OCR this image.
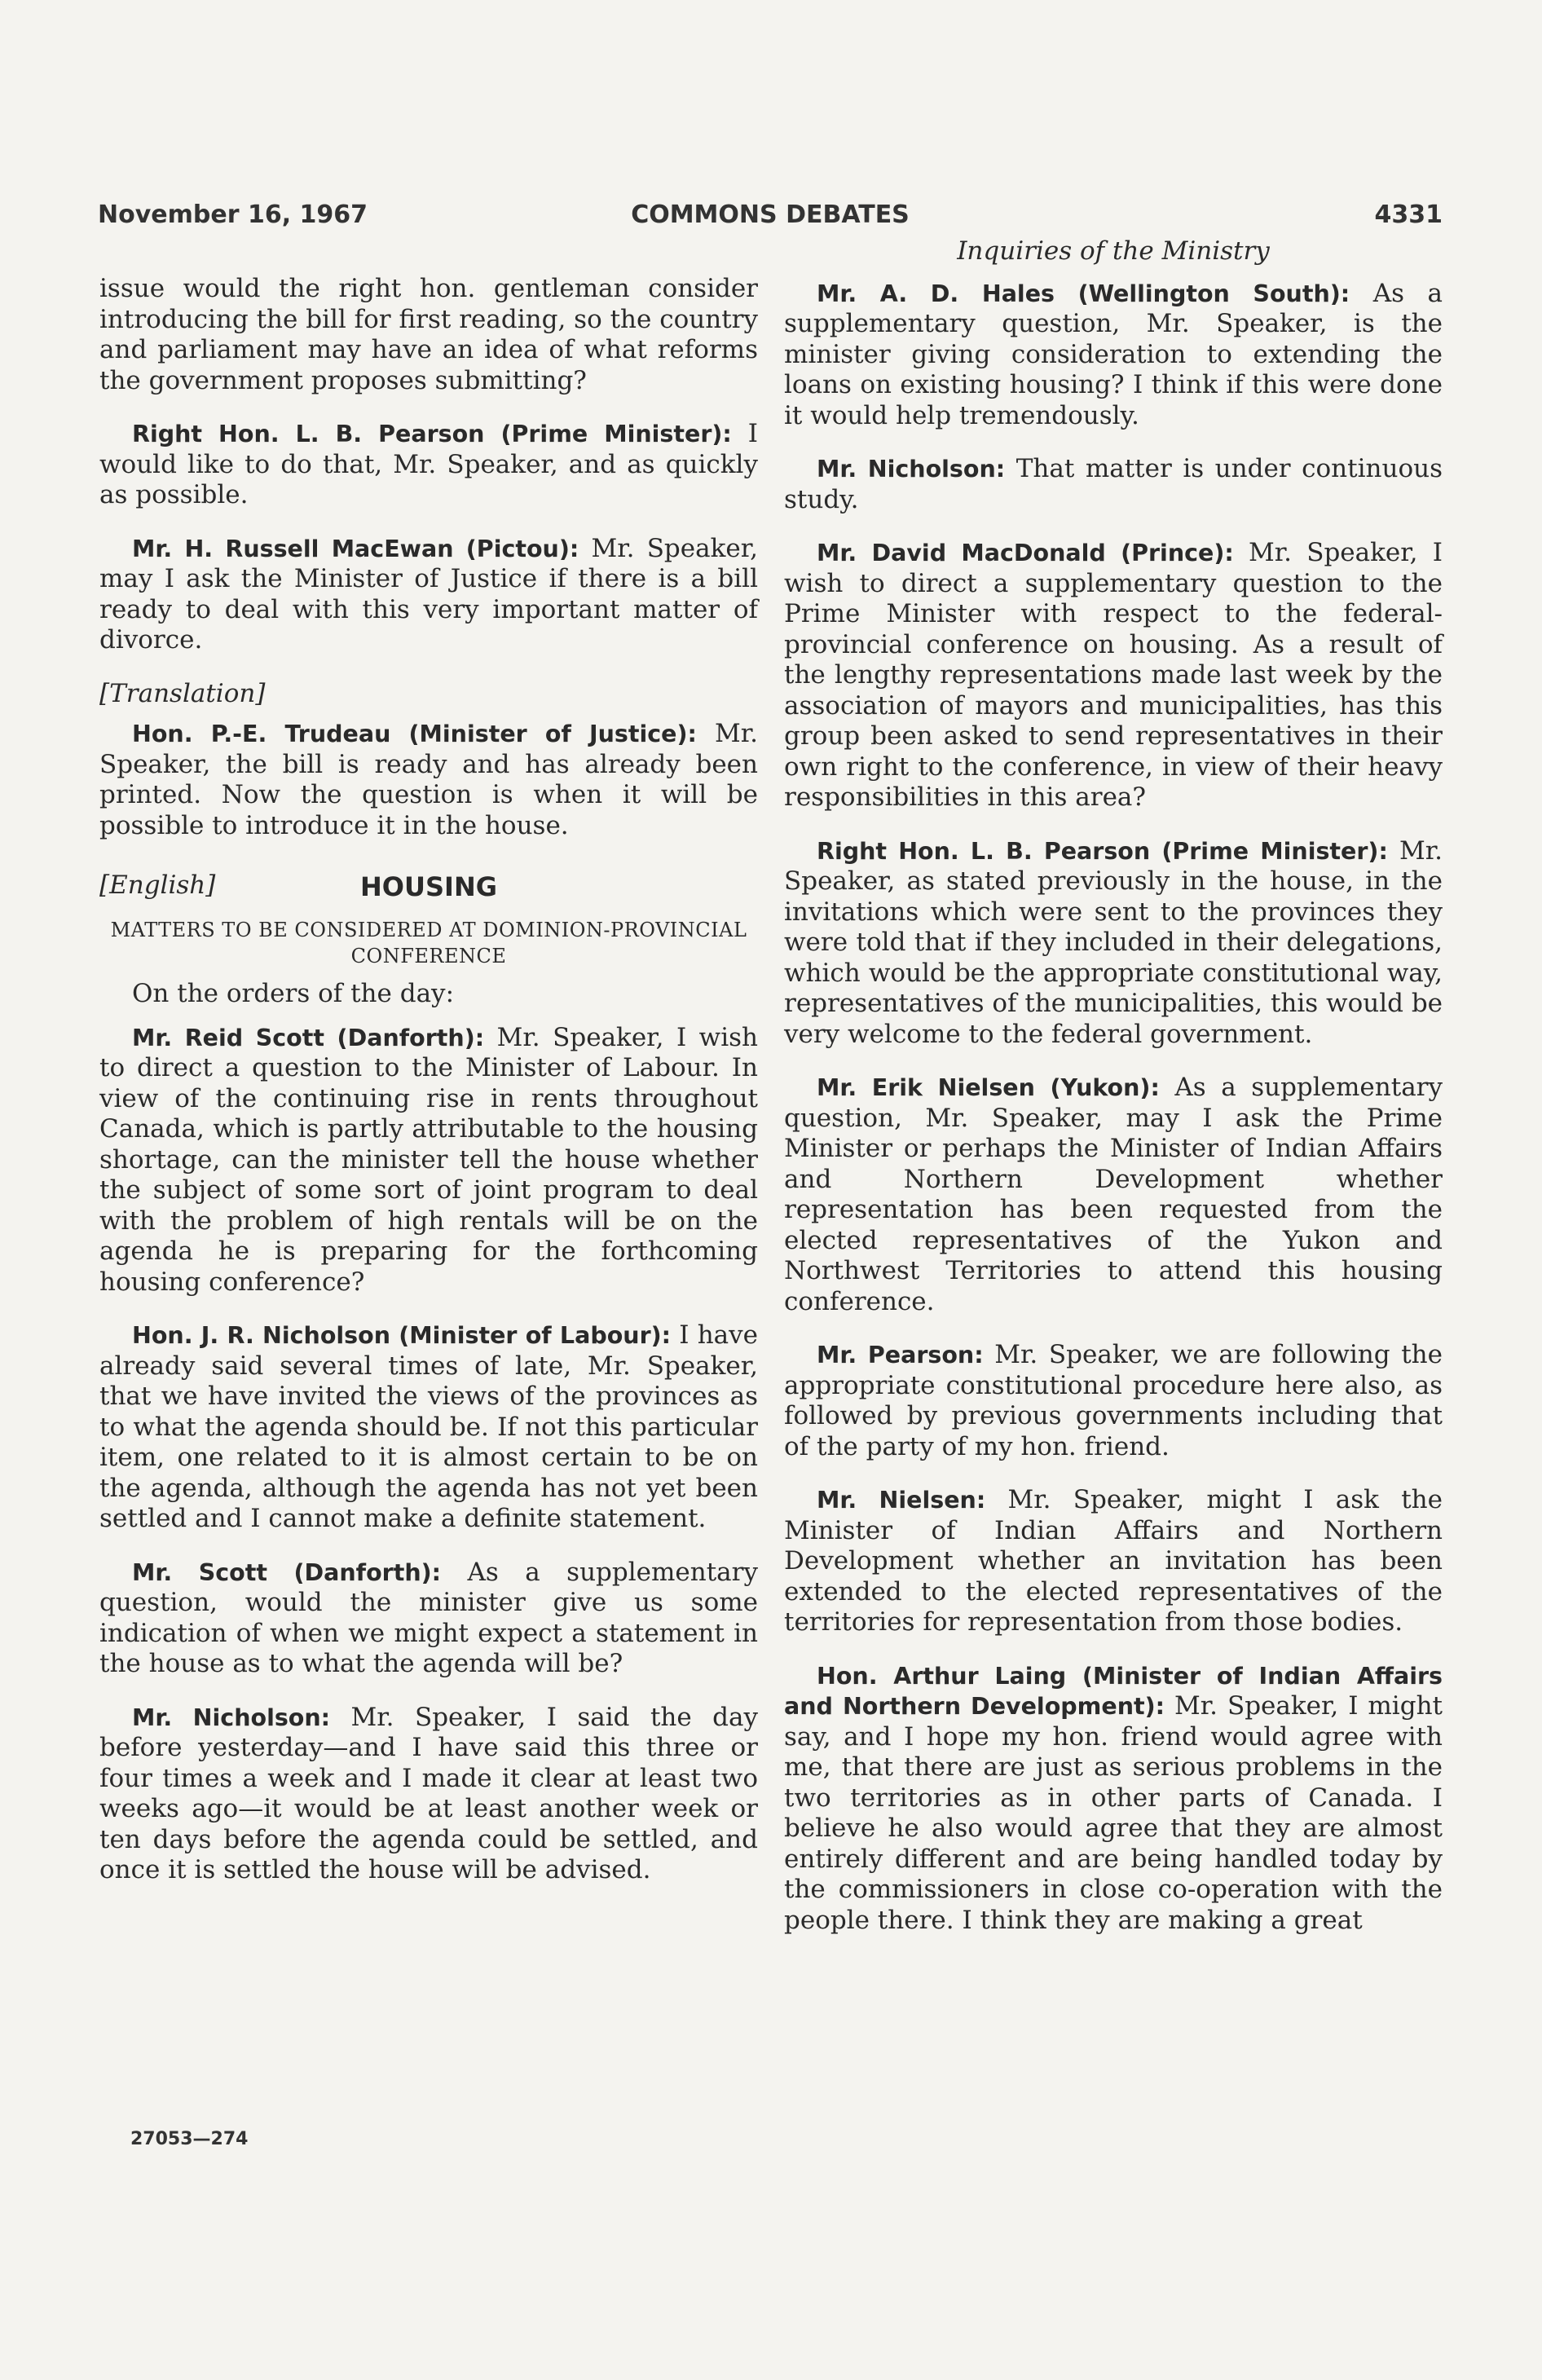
November 16, 1967	COMMONS DEBATES	4331

issue would the right hon. gentleman consider introducing the bill for first reading, so the country and parliament may have an idea of what reforms the government proposes submitting?

Right Hon. L. B. Pearson (Prime Minister): I would like to do that, Mr. Speaker, and as quickly as possible.

Mr. H. Russell MacEwan (Pictou): Mr. Speaker, may I ask the Minister of Justice if there is a bill ready to deal with this very important matter of divorce.

[Translation]

Hon. P.-E. Trudeau (Minister of Justice): Mr. Speaker, the bill is ready and has already been printed. Now the question is when it will be possible to introduce it in the house.

[English]	HOUSING

MATTERS TO BE CONSIDERED AT DOMINION-PROVINCIAL CONFERENCE

On the orders of the day:

Mr. Reid Scott (Danforth): Mr. Speaker, I wish to direct a question to the Minister of Labour. In view of the continuing rise in rents throughout Canada, which is partly attributable to the housing shortage, can the minister tell the house whether the subject of some sort of joint program to deal with the problem of high rentals will be on the agenda he is preparing for the forthcoming housing conference?

Hon. J. R. Nicholson (Minister of Labour): I have already said several times of late, Mr. Speaker, that we have invited the views of the provinces as to what the agenda should be. If not this particular item, one related to it is almost certain to be on the agenda, although the agenda has not yet been settled and I cannot make a definite statement.

Mr. Scott (Danforth): As a supplementary question, would the minister give us some indication of when we might expect a statement in the house as to what the agenda will be?

Mr. Nicholson: Mr. Speaker, I said the day before yesterday—and I have said this three or four times a week and I made it clear at least two weeks ago—it would be at least another week or ten days before the agenda could be settled, and once it is settled the house will be advised.

Inquiries of the Ministry

Mr. A. D. Hales (Wellington South): As a supplementary question, Mr. Speaker, is the minister giving consideration to extending the loans on existing housing? I think if this were done it would help tremendously.

Mr. Nicholson: That matter is under continuous study.

Mr. David MacDonald (Prince): Mr. Speaker, I wish to direct a supplementary question to the Prime Minister with respect to the federal-provincial conference on housing. As a result of the lengthy representations made last week by the association of mayors and municipalities, has this group been asked to send representatives in their own right to the conference, in view of their heavy responsibilities in this area?

Right Hon. L. B. Pearson (Prime Minister): Mr. Speaker, as stated previously in the house, in the invitations which were sent to the provinces they were told that if they included in their delegations, which would be the appropriate constitutional way, representatives of the municipalities, this would be very welcome to the federal government.

Mr. Erik Nielsen (Yukon): As a supplementary question, Mr. Speaker, may I ask the Prime Minister or perhaps the Minister of Indian Affairs and Northern Development whether representation has been requested from the elected representatives of the Yukon and Northwest Territories to attend this housing conference.

Mr. Pearson: Mr. Speaker, we are following the appropriate constitutional procedure here also, as followed by previous governments including that of the party of my hon. friend.

Mr. Nielsen: Mr. Speaker, might I ask the Minister of Indian Affairs and Northern Development whether an invitation has been extended to the elected representatives of the territories for representation from those bodies.

Hon. Arthur Laing (Minister of Indian Affairs and Northern Development): Mr. Speaker, I might say, and I hope my hon. friend would agree with me, that there are just as serious problems in the two territories as in other parts of Canada. I believe he also would agree that they are almost entirely different and are being handled today by the commissioners in close co-operation with the people there. I think they are making a great

27053—274
